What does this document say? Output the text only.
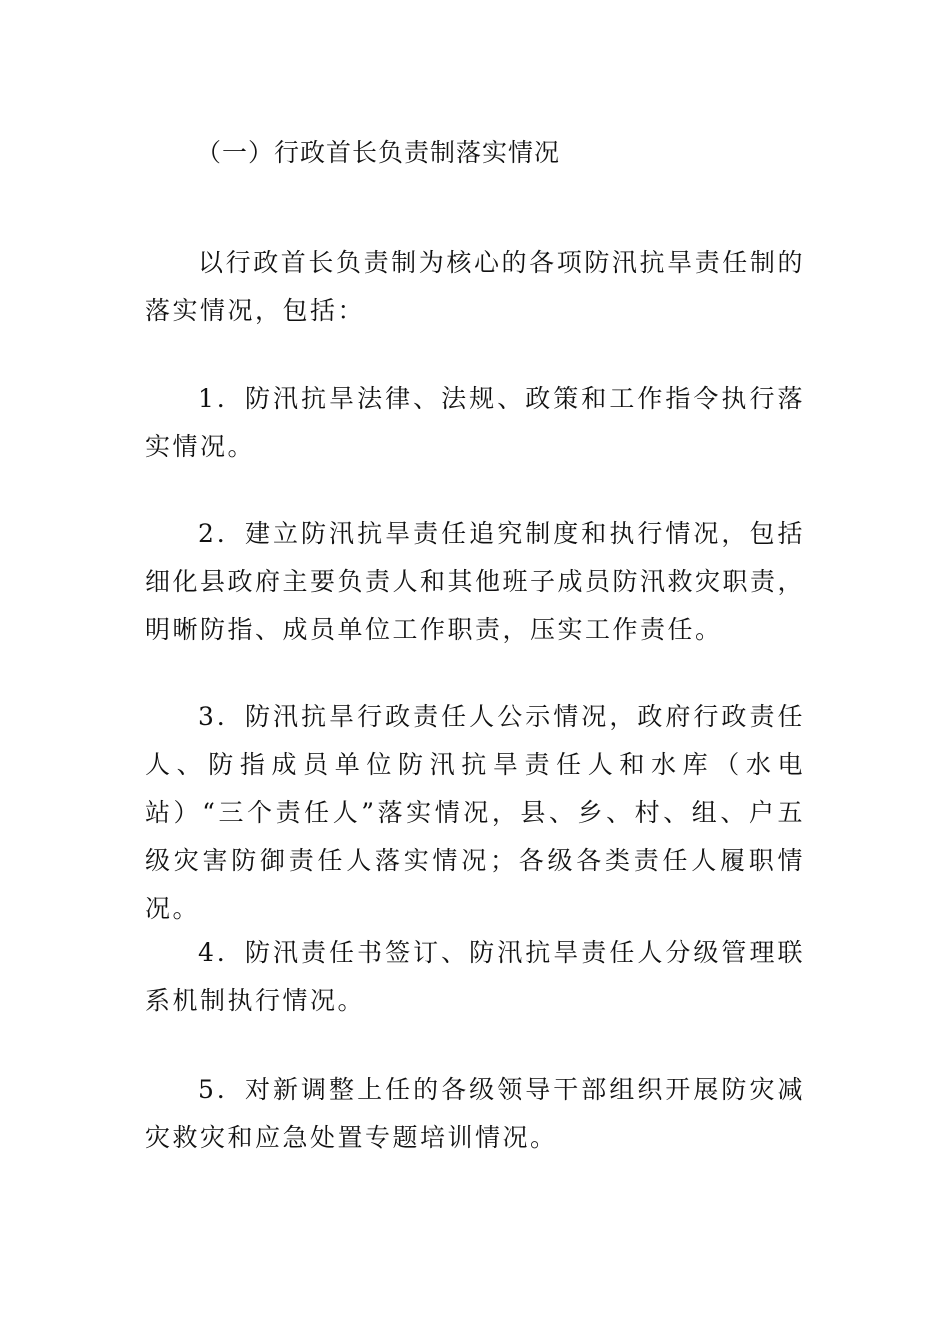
（一）行政首长负责制落实情况

以行政首长负责制为核心的各项防汛抗旱责任制的落实情况，包括：

1．防汛抗旱法律、法规、政策和工作指令执行落实情况。

2．建立防汛抗旱责任追究制度和执行情况，包括细化县政府主要负责人和其他班子成员防汛救灾职责，明晰防指、成员单位工作职责，压实工作责任。

3．防汛抗旱行政责任人公示情况，政府行政责任人、防指成员单位防汛抗旱责任人和水库（水电站）“三个责任人”落实情况，县、乡、村、组、户五级灾害防御责任人落实情况；各级各类责任人履职情况。

4．防汛责任书签订、防汛抗旱责任人分级管理联系机制执行情况。

5．对新调整上任的各级领导干部组织开展防灾减灾救灾和应急处置专题培训情况。
